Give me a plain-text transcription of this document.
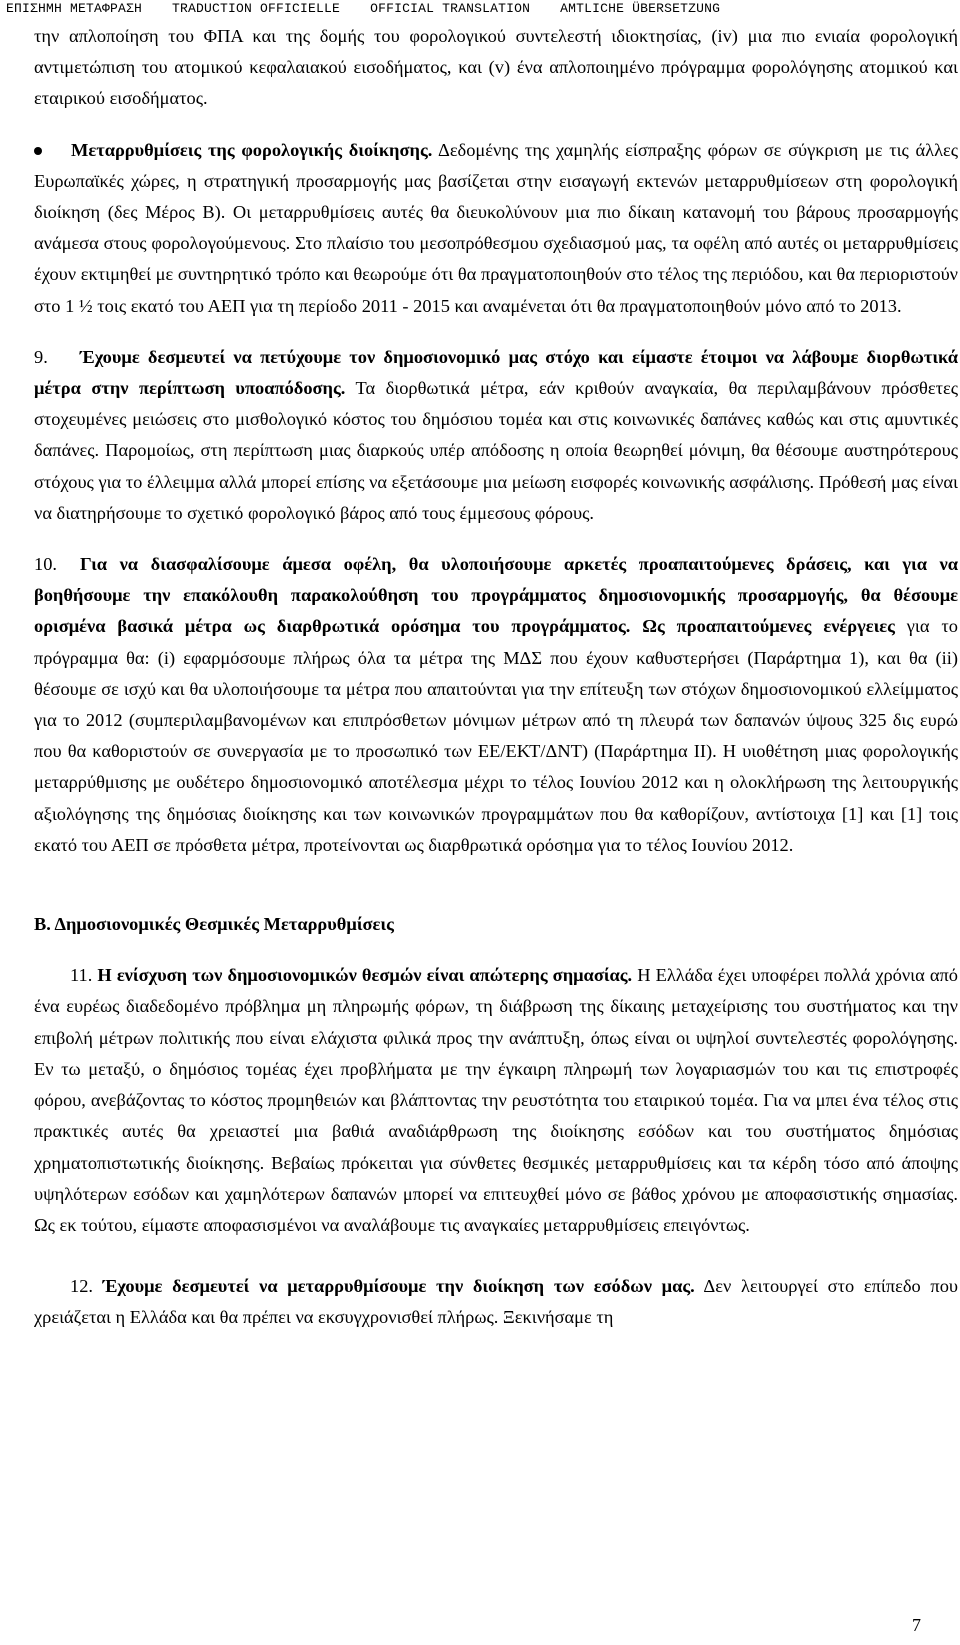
ΕΠΙΣΗΜΗ ΜΕΤΑΦΡΑΣΗ TRADUCTION OFFICIELLE OFFICIAL TRANSLATION AMTLICHE ÜBERSETZUNG

την απλοποίηση του ΦΠΑ και της δομής του φορολογικού συντελεστή ιδιοκτησίας, (iv) μια πιο ενιαία φορολογική αντιμετώπιση του ατομικού κεφαλαιακού εισοδήματος, και (v) ένα απλοποιημένο πρόγραμμα φορολόγησης ατομικού και εταιρικού εισοδήματος.

Μεταρρυθμίσεις της φορολογικής διοίκησης. Δεδομένης της χαμηλής είσπραξης φόρων σε σύγκριση με τις άλλες Ευρωπαϊκές χώρες, η στρατηγική προσαρμογής μας βασίζεται στην εισαγωγή εκτενών μεταρρυθμίσεων στη φορολογική διοίκηση (δες Μέρος Β). Οι μεταρρυθμίσεις αυτές θα διευκολύνουν μια πιο δίκαιη κατανομή του βάρους προσαρμογής ανάμεσα στους φορολογούμενους. Στο πλαίσιο του μεσοπρόθεσμου σχεδιασμού μας, τα οφέλη από αυτές οι μεταρρυθμίσεις έχουν εκτιμηθεί με συντηρητικό τρόπο και θεωρούμε ότι θα πραγματοποιηθούν στο τέλος της περιόδου, και θα περιοριστούν στο 1 ½ τοις εκατό του ΑΕΠ για τη περίοδο 2011 - 2015 και αναμένεται ότι θα πραγματοποιηθούν μόνο από το 2013.

9. Έχουμε δεσμευτεί να πετύχουμε τον δημοσιονομικό μας στόχο και είμαστε έτοιμοι να λάβουμε διορθωτικά μέτρα στην περίπτωση υποαπόδοσης. Τα διορθωτικά μέτρα, εάν κριθούν αναγκαία, θα περιλαμβάνουν πρόσθετες στοχευμένες μειώσεις στο μισθολογικό κόστος του δημόσιου τομέα και στις κοινωνικές δαπάνες καθώς και στις αμυντικές δαπάνες. Παρομοίως, στη περίπτωση μιας διαρκούς υπέρ απόδοσης η οποία θεωρηθεί μόνιμη, θα θέσουμε αυστηρότερους στόχους για το έλλειμμα αλλά μπορεί επίσης να εξετάσουμε μια μείωση εισφορές κοινωνικής ασφάλισης. Πρόθεσή μας είναι να διατηρήσουμε το σχετικό φορολογικό βάρος από τους έμμεσους φόρους.

10. Για να διασφαλίσουμε άμεσα οφέλη, θα υλοποιήσουμε αρκετές προαπαιτούμενες δράσεις, και για να βοηθήσουμε την επακόλουθη παρακολούθηση του προγράμματος δημοσιονομικής προσαρμογής, θα θέσουμε ορισμένα βασικά μέτρα ως διαρθρωτικά ορόσημα του προγράμματος. Ως προαπαιτούμενες ενέργειες για το πρόγραμμα θα: (i) εφαρμόσουμε πλήρως όλα τα μέτρα της ΜΔΣ που έχουν καθυστερήσει (Παράρτημα 1), και θα (ii) θέσουμε σε ισχύ και θα υλοποιήσουμε τα μέτρα που απαιτούνται για την επίτευξη των στόχων δημοσιονομικού ελλείμματος για το 2012 (συμπεριλαμβανομένων και επιπρόσθετων μόνιμων μέτρων από τη πλευρά των δαπανών ύψους 325 δις ευρώ που θα καθοριστούν σε συνεργασία με το προσωπικό των ΕΕ/ΕΚΤ/ΔΝΤ) (Παράρτημα ΙΙ). Η υιοθέτηση μιας φορολογικής μεταρρύθμισης με ουδέτερο δημοσιονομικό αποτέλεσμα μέχρι το τέλος Ιουνίου 2012 και η ολοκλήρωση της λειτουργικής αξιολόγησης της δημόσιας διοίκησης και των κοινωνικών προγραμμάτων που θα καθορίζουν, αντίστοιχα [1] και [1] τοις εκατό του ΑΕΠ σε πρόσθετα μέτρα, προτείνονται ως διαρθρωτικά ορόσημα για το τέλος Ιουνίου 2012.

Β. Δημοσιονομικές Θεσμικές Μεταρρυθμίσεις

11. Η ενίσχυση των δημοσιονομικών θεσμών είναι απώτερης σημασίας. Η Ελλάδα έχει υποφέρει πολλά χρόνια από ένα ευρέως διαδεδομένο πρόβλημα μη πληρωμής φόρων, τη διάβρωση της δίκαιης μεταχείρισης του συστήματος και την επιβολή μέτρων πολιτικής που είναι ελάχιστα φιλικά προς την ανάπτυξη, όπως είναι οι υψηλοί συντελεστές φορολόγησης. Εν τω μεταξύ, ο δημόσιος τομέας έχει προβλήματα με την έγκαιρη πληρωμή των λογαριασμών του και τις επιστροφές φόρου, ανεβάζοντας το κόστος προμηθειών και βλάπτοντας την ρευστότητα του εταιρικού τομέα. Για να μπει ένα τέλος στις πρακτικές αυτές θα χρειαστεί μια βαθιά αναδιάρθρωση της διοίκησης εσόδων και του συστήματος δημόσιας χρηματοπιστωτικής διοίκησης. Βεβαίως πρόκειται για σύνθετες θεσμικές μεταρρυθμίσεις και τα κέρδη τόσο από άποψης υψηλότερων εσόδων και χαμηλότερων δαπανών μπορεί να επιτευχθεί μόνο σε βάθος χρόνου με αποφασιστικής σημασίας. Ως εκ τούτου, είμαστε αποφασισμένοι να αναλάβουμε τις αναγκαίες μεταρρυθμίσεις επειγόντως.

12. Έχουμε δεσμευτεί να μεταρρυθμίσουμε την διοίκηση των εσόδων μας. Δεν λειτουργεί στο επίπεδο που χρειάζεται η Ελλάδα και θα πρέπει να εκσυγχρονισθεί πλήρως. Ξεκινήσαμε τη

7
